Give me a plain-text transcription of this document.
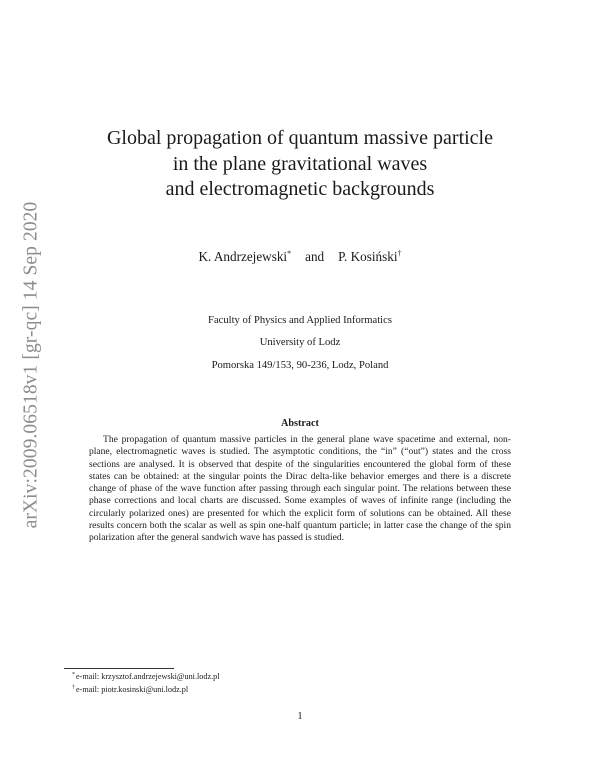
arXiv:2009.06518v1 [gr-qc] 14 Sep 2020
Global propagation of quantum massive particle
in the plane gravitational waves
and electromagnetic backgrounds
K. Andrzejewski* and P. Kosiński†
Faculty of Physics and Applied Informatics
University of Lodz
Pomorska 149/153, 90-236, Lodz, Poland
Abstract

The propagation of quantum massive particles in the general plane wave spacetime and external, non-plane, electromagnetic waves is studied. The asymptotic conditions, the “in” (“out”) states and the cross sections are analysed. It is observed that despite of the singularities encountered the global form of these states can be obtained: at the singular points the Dirac delta-like behavior emerges and there is a discrete change of phase of the wave function after passing through each singular point. The relations between these phase corrections and local charts are discussed. Some examples of waves of infinite range (including the circularly polarized ones) are presented for which the explicit form of solutions can be obtained. All these results concern both the scalar as well as spin one-half quantum particle; in latter case the change of the spin polarization after the general sandwich wave has passed is studied.

*e-mail: krzysztof.andrzejewski@uni.lodz.pl
†e-mail: piotr.kosinski@uni.lodz.pl
1
